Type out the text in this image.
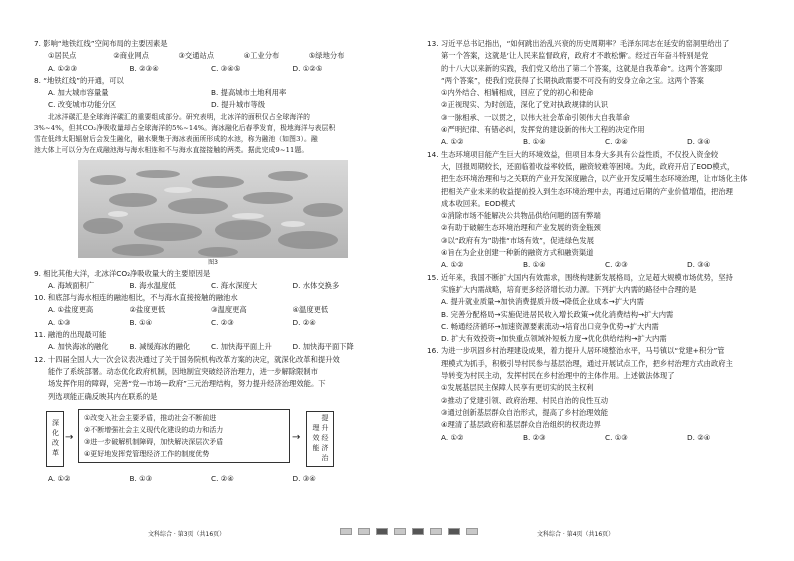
7. 影响“地铁红线”空间布局的主要因素是
①居民点	②商业网点	③交通站点	④工业分布	⑤绿地分布
A. ①②③	B. ②③④	C. ③④⑤	D. ①②⑤
8. “地铁红线”的开通，可以
A. 加大城市容量量	B. 提高城市土地利用率
C. 改变城市功能分区	D. 提升城市等级
北冰洋碳汇是全球海洋碳汇的重要组成部分。研究表明，北冰洋的面积仅占全球海洋的
3%~4%，但其CO₂净吸收量却占全球海洋的5%~14%。海冰融化后春季发育，极地海洋与表层积
雪在低纬太阳辐射后会发生融化，融水聚集于海冰表面所形成的水池，称为融池（如图3）。融
池大体上可以分为在成融池海与海水相连和不与海水直接接触的两类。据此完成9~11题。
图3
9. 相比其他大洋，北冰洋CO₂净吸收量大的主要原因是
A. 海域面积广	B. 海水温度低	C. 海水深度大	D. 水体交换多
10. 和底部与海水相连的融池相比，不与海水直接接触的融池水
A. ①盐度更高	②盐度更低	③温度更高	④温度更低
A. ①③	B. ①④	C. ②③	D. ②④
11. 融池的出现最可能
A. 加快海冰的融化	B. 减缓海冰的融化	C. 加快海平面上升	D. 加快海平面下降
12. 十四届全国人大一次会议表决通过了关于国务院机构改革方案的决定，就深化改革和提升效
能作了系统部署。动态优化政府机制，因地制宜突破经济治理力，进一步解除限制市
场发挥作用的障碍，完善“党—市场—政府”三元治理结构，努力提升经济治理效能。下
列选项能正确反映其内在联系的是
深化改革 →
①改变入社会主要矛盾，推动社会不断前进
②不断增强社会主义现代化建设的动力和活力
③进一步破解机制障碍，加快解决深层次矛盾
④更好地发挥党管理经济工作的制度优势
→	提升经济治理效能
A. ①②	B. ①③	C. ②④	D. ③④
文科综合 · 第3页（共16页）
13. 习近平总书记指出，“如何跳出治乱兴衰的历史周期率？毛泽东同志在延安的窑洞里给出了
第一个答案，这就是‘让人民来监督政府，政府才不敢松懈’。经过百年奋斗特别是党
的十八大以来新的实践，我们党又给出了第二个答案，这就是自我革命”。这两个答案即
“两个答案”，使我们党获得了长期执政需要不可没有的安身立命之宝。这两个答案
①内外结合、相辅相成，回应了党的初心和使命
②正视现实、为时创造，深化了党对执政规律的认识
③一脉相承、一以贯之，以伟大社会革命引领伟大自我革命
④严明纪律、有错必纠，发挥党的建设新的伟大工程的决定作用
A. ①②	B. ①④	C. ②④	D. ③④
14. 生态环境项目能产生巨大的环境效益，但项目本身大多具有公益性质，不仅投入资金较
大，回报周期较长，还面临着收益率较低，融资较难等困境。为此，政府开启了EOD模式，
把生态环境治理和与之关联的产业开发深度融合，以产业开发反哺生态环境治理，让市场化主体
把相关产业未来的收益提前投入到生态环境治理中去，再通过后期的产业价值增值，把治理
成本收回来。EOD模式
①消除市场不能解决公共物品供给问题的固有弊端
②有助于破解生态环境治理和产业发展的资金瓶颈
③以“政府有为”助推“市场有效”，促进绿色发展
④旨在为企业创建一种新的融资方式和融资渠道
A. ①②	B. ①④	C. ②③	D. ③④
15. 近年来，我国不断扩大国内有效需求，围绕构建新发展格局，立足超大规模市场优势，坚持
实施扩大内需战略，培育更多经济增长动力源。下列扩大内需的路径中合理的是
A. 提升就业质量→加快消费提质升级→降低企业成本→扩大内需
B. 完善分配格局→实施促进居民收入增长政策→优化消费结构→扩大内需
C. 畅通经济循环→加速资源要素流动→培育出口竞争优势→扩大内需
D. 扩大有效投资→加快重点领域补短板力度→优化供给结构→扩大内需
16. 为进一步巩固乡村治理建设成果，着力提升人居环境整治水平，马号镇以“党建+积分”管
理模式为抓手，积极引导村民参与基层治理，通过开展试点工作，把乡村治理方式由政府主
导转变为村民主动，发挥村民在乡村治理中的主体作用。上述做法体现了
①发展基层民主保障人民享有更切实的民主权利
②推动了党建引领、政府治理、村民自治的良性互动
③通过创新基层群众自治形式，提高了乡村治理效能
④理清了基层政府和基层群众自治组织的权责边界
A. ①②	B. ②③	C. ①③	D. ②④
文科综合 · 第4页（共16页）
